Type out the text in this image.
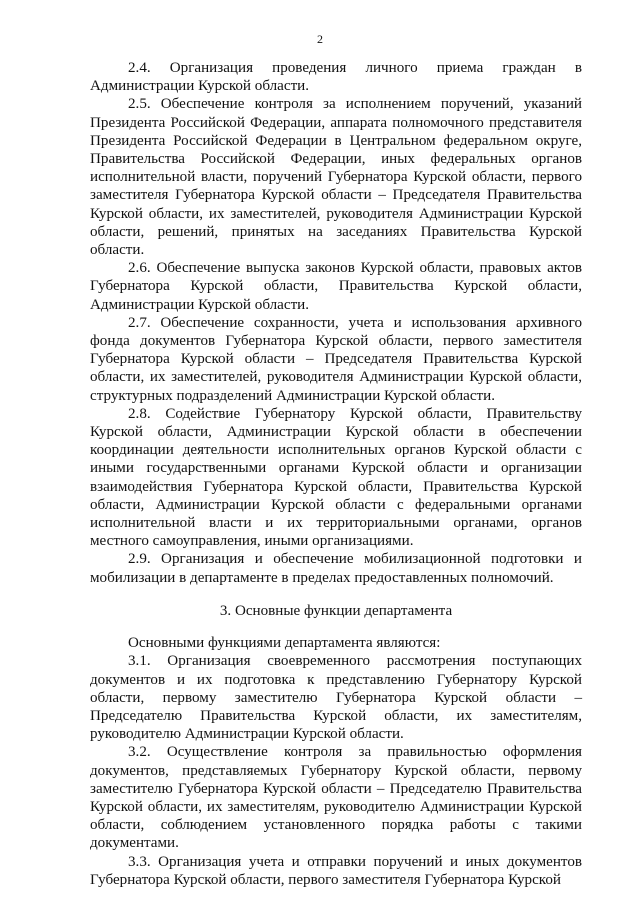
2

2.4. Организация проведения личного приема граждан в Администрации Курской области.

2.5. Обеспечение контроля за исполнением поручений, указаний Президента Российской Федерации, аппарата полномочного представителя Президента Российской Федерации в Центральном федеральном округе, Правительства Российской Федерации, иных федеральных органов исполнительной власти, поручений Губернатора Курской области, первого заместителя Губернатора Курской области – Председателя Правительства Курской области, их заместителей, руководителя Администрации Курской области, решений, принятых на заседаниях Правительства Курской области.

2.6. Обеспечение выпуска законов Курской области, правовых актов Губернатора Курской области, Правительства Курской области, Администрации Курской области.

2.7. Обеспечение сохранности, учета и использования архивного фонда документов Губернатора Курской области, первого заместителя Губернатора Курской области – Председателя Правительства Курской области, их заместителей, руководителя Администрации Курской области, структурных подразделений Администрации Курской области.

2.8. Содействие Губернатору Курской области, Правительству Курской области, Администрации Курской области в обеспечении координации деятельности исполнительных органов Курской области с иными государственными органами Курской области и организации взаимодействия Губернатора Курской области, Правительства Курской области, Администрации Курской области с федеральными органами исполнительной власти и их территориальными органами, органов местного самоуправления, иными организациями.

2.9. Организация и обеспечение мобилизационной подготовки и мобилизации в департаменте в пределах предоставленных полномочий.

3. Основные функции департамента

Основными функциями департамента являются:

3.1. Организация своевременного рассмотрения поступающих документов и их подготовка к представлению Губернатору Курской области, первому заместителю Губернатора Курской области – Председателю Правительства Курской области, их заместителям, руководителю Администрации Курской области.

3.2. Осуществление контроля за правильностью оформления документов, представляемых Губернатору Курской области, первому заместителю Губернатора Курской области – Председателю Правительства Курской области, их заместителям, руководителю Администрации Курской области, соблюдением установленного порядка работы с такими документами.

3.3. Организация учета и отправки поручений и иных документов Губернатора Курской области, первого заместителя Губернатора Курской
